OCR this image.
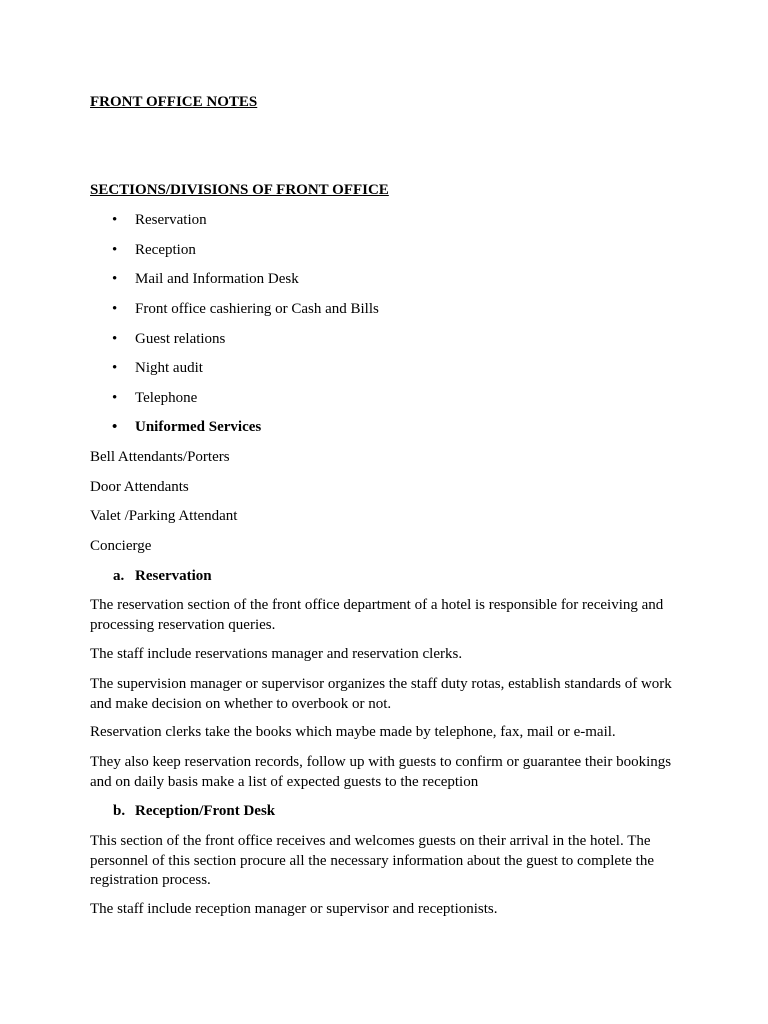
FRONT OFFICE NOTES

SECTIONS/DIVISIONS OF FRONT OFFICE

• Reservation
• Reception
• Mail and Information Desk
• Front office cashiering or Cash and Bills
• Guest relations
• Night audit
• Telephone
• Uniformed Services

Bell Attendants/Porters

Door Attendants

Valet /Parking Attendant

Concierge

a. Reservation

The reservation section of the front office department of a hotel is responsible for receiving and processing reservation queries.

The staff include reservations manager and reservation clerks.

The supervision manager or supervisor organizes the staff duty rotas, establish standards of work and make decision on whether to overbook or not.

Reservation clerks take the books which maybe made by telephone, fax, mail or e-mail.

They also keep reservation records, follow up with guests to confirm or guarantee their bookings and on daily basis make a list of expected guests to the reception

b. Reception/Front Desk

This section of the front office receives and welcomes guests on their arrival in the hotel. The personnel of this section procure all the necessary information about the guest to complete the registration process.

The staff include reception manager or supervisor and receptionists.
